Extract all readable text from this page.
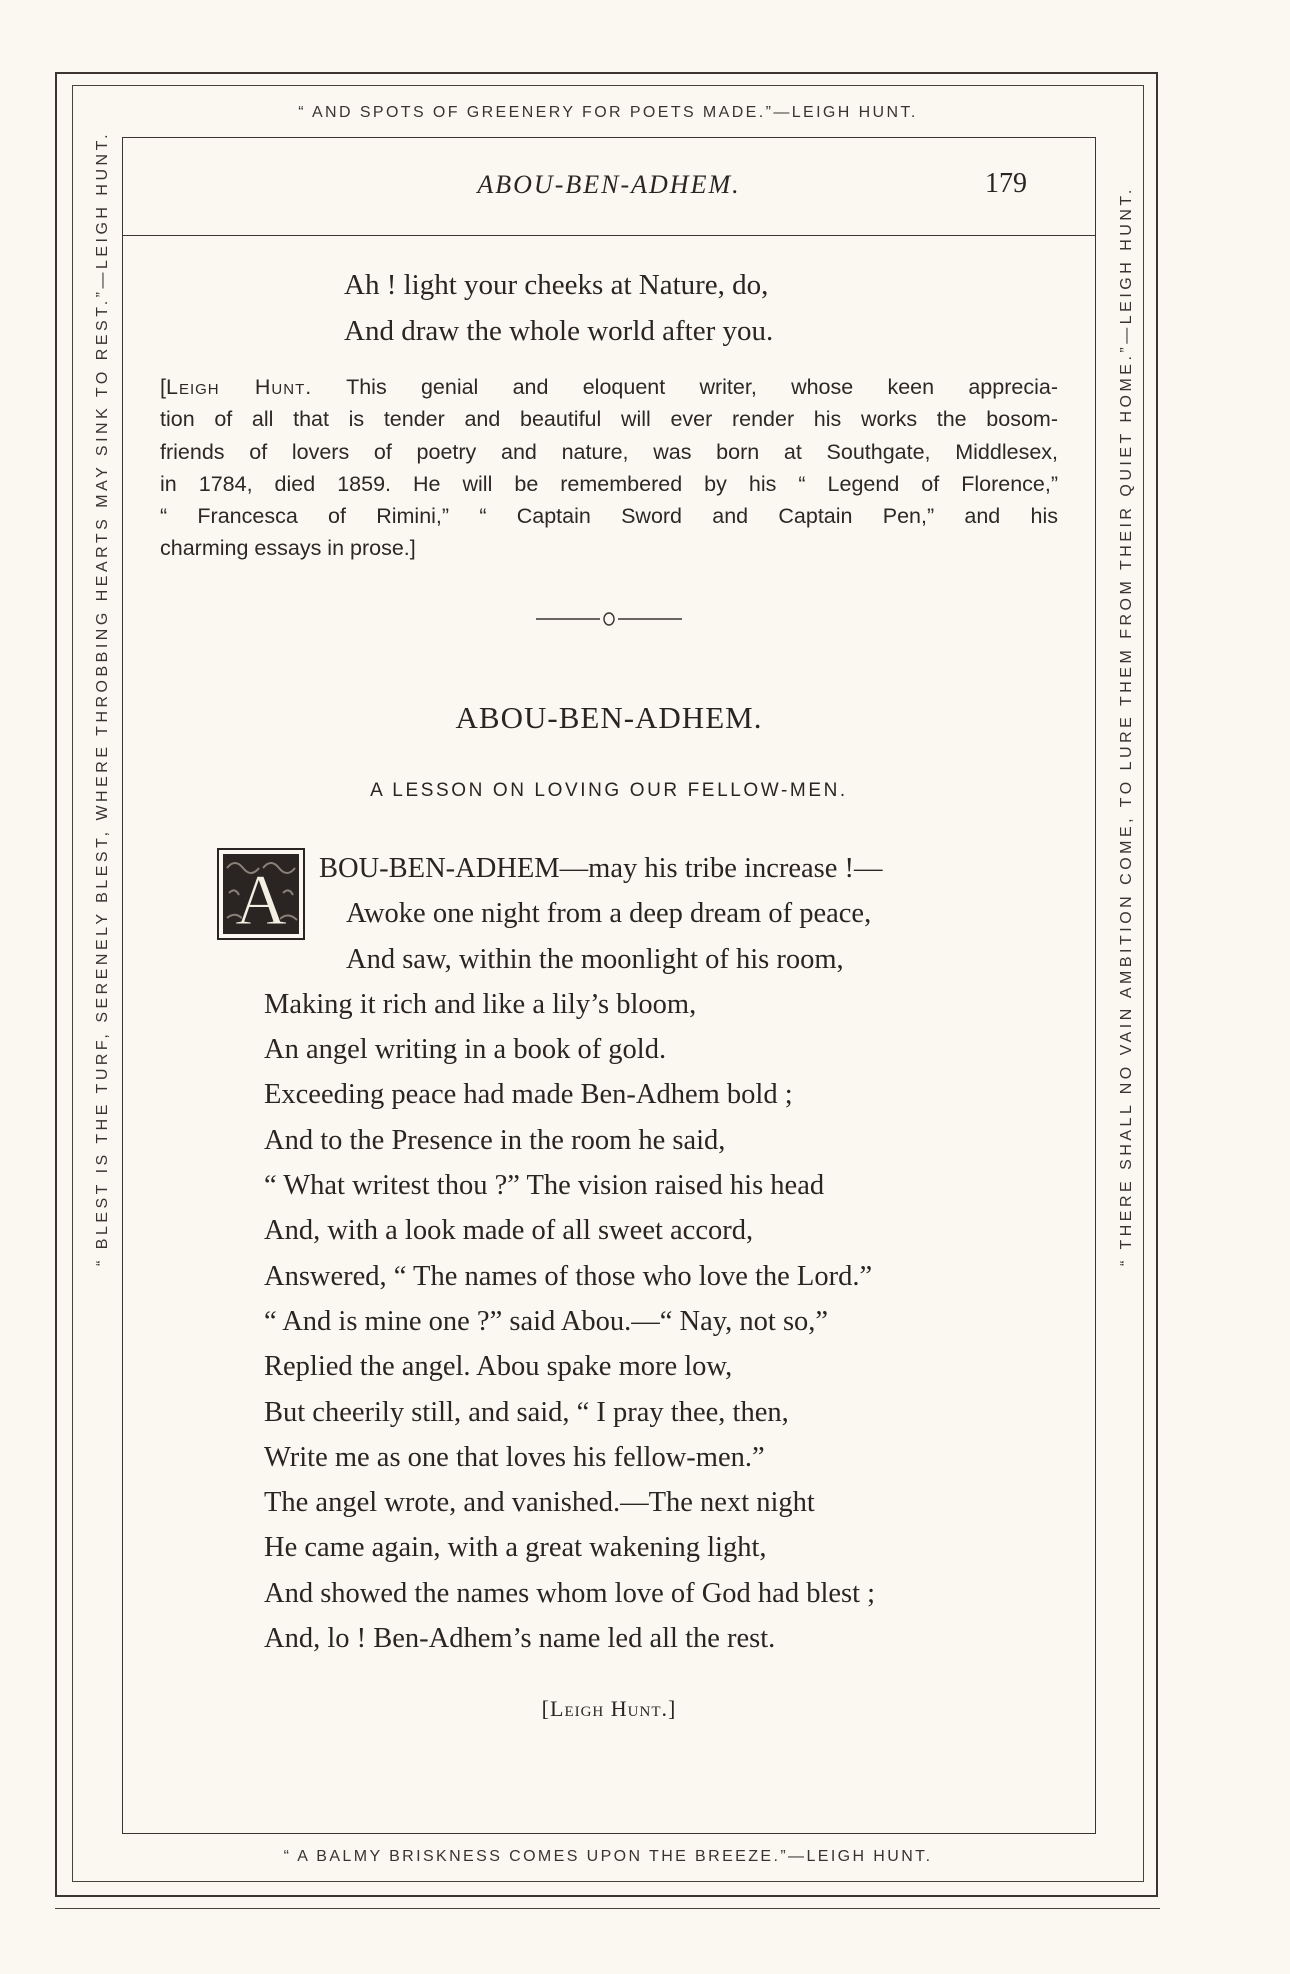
“ AND SPOTS OF GREENERY FOR POETS MADE.”—LEIGH HUNT.
“ A BALMY BRISKNESS COMES UPON THE BREEZE.”—LEIGH HUNT.
“ BLEST IS THE TURF, SERENELY BLEST, WHERE THROBBING HEARTS MAY SINK TO REST.”—LEIGH HUNT.	“ THERE SHALL NO VAIN AMBITION COME, TO LURE THEM FROM THEIR QUIET HOME.”—LEIGH HUNT.
ABOU-BEN-ADHEM.	179
Ah ! light your cheeks at Nature, do,
And draw the whole world after you.
[Leigh Hunt. This genial and eloquent writer, whose keen apprecia-
tion of all that is tender and beautiful will ever render his works the bosom-
friends of lovers of poetry and nature, was born at Southgate, Middlesex,
in 1784, died 1859. He will be remembered by his “ Legend of Florence,”
“ Francesca of Rimini,” “ Captain Sword and Captain Pen,” and his
charming essays in prose.]
ABOU-BEN-ADHEM.
A LESSON ON LOVING OUR FELLOW-MEN.
A	BOU-BEN-ADHEM—may his tribe increase !—
Awoke one night from a deep dream of peace,
And saw, within the moonlight of his room,
Making it rich and like a lily’s bloom,
An angel writing in a book of gold.
Exceeding peace had made Ben-Adhem bold ;
And to the Presence in the room he said,
“ What writest thou ?” The vision raised his head
And, with a look made of all sweet accord,
Answered, “ The names of those who love the Lord.”
“ And is mine one ?” said Abou.—“ Nay, not so,”
Replied the angel. Abou spake more low,
But cheerily still, and said, “ I pray thee, then,
Write me as one that loves his fellow-men.”
The angel wrote, and vanished.—The next night
He came again, with a great wakening light,
And showed the names whom love of God had blest ;
And, lo ! Ben-Adhem’s name led all the rest.
[Leigh Hunt.]
